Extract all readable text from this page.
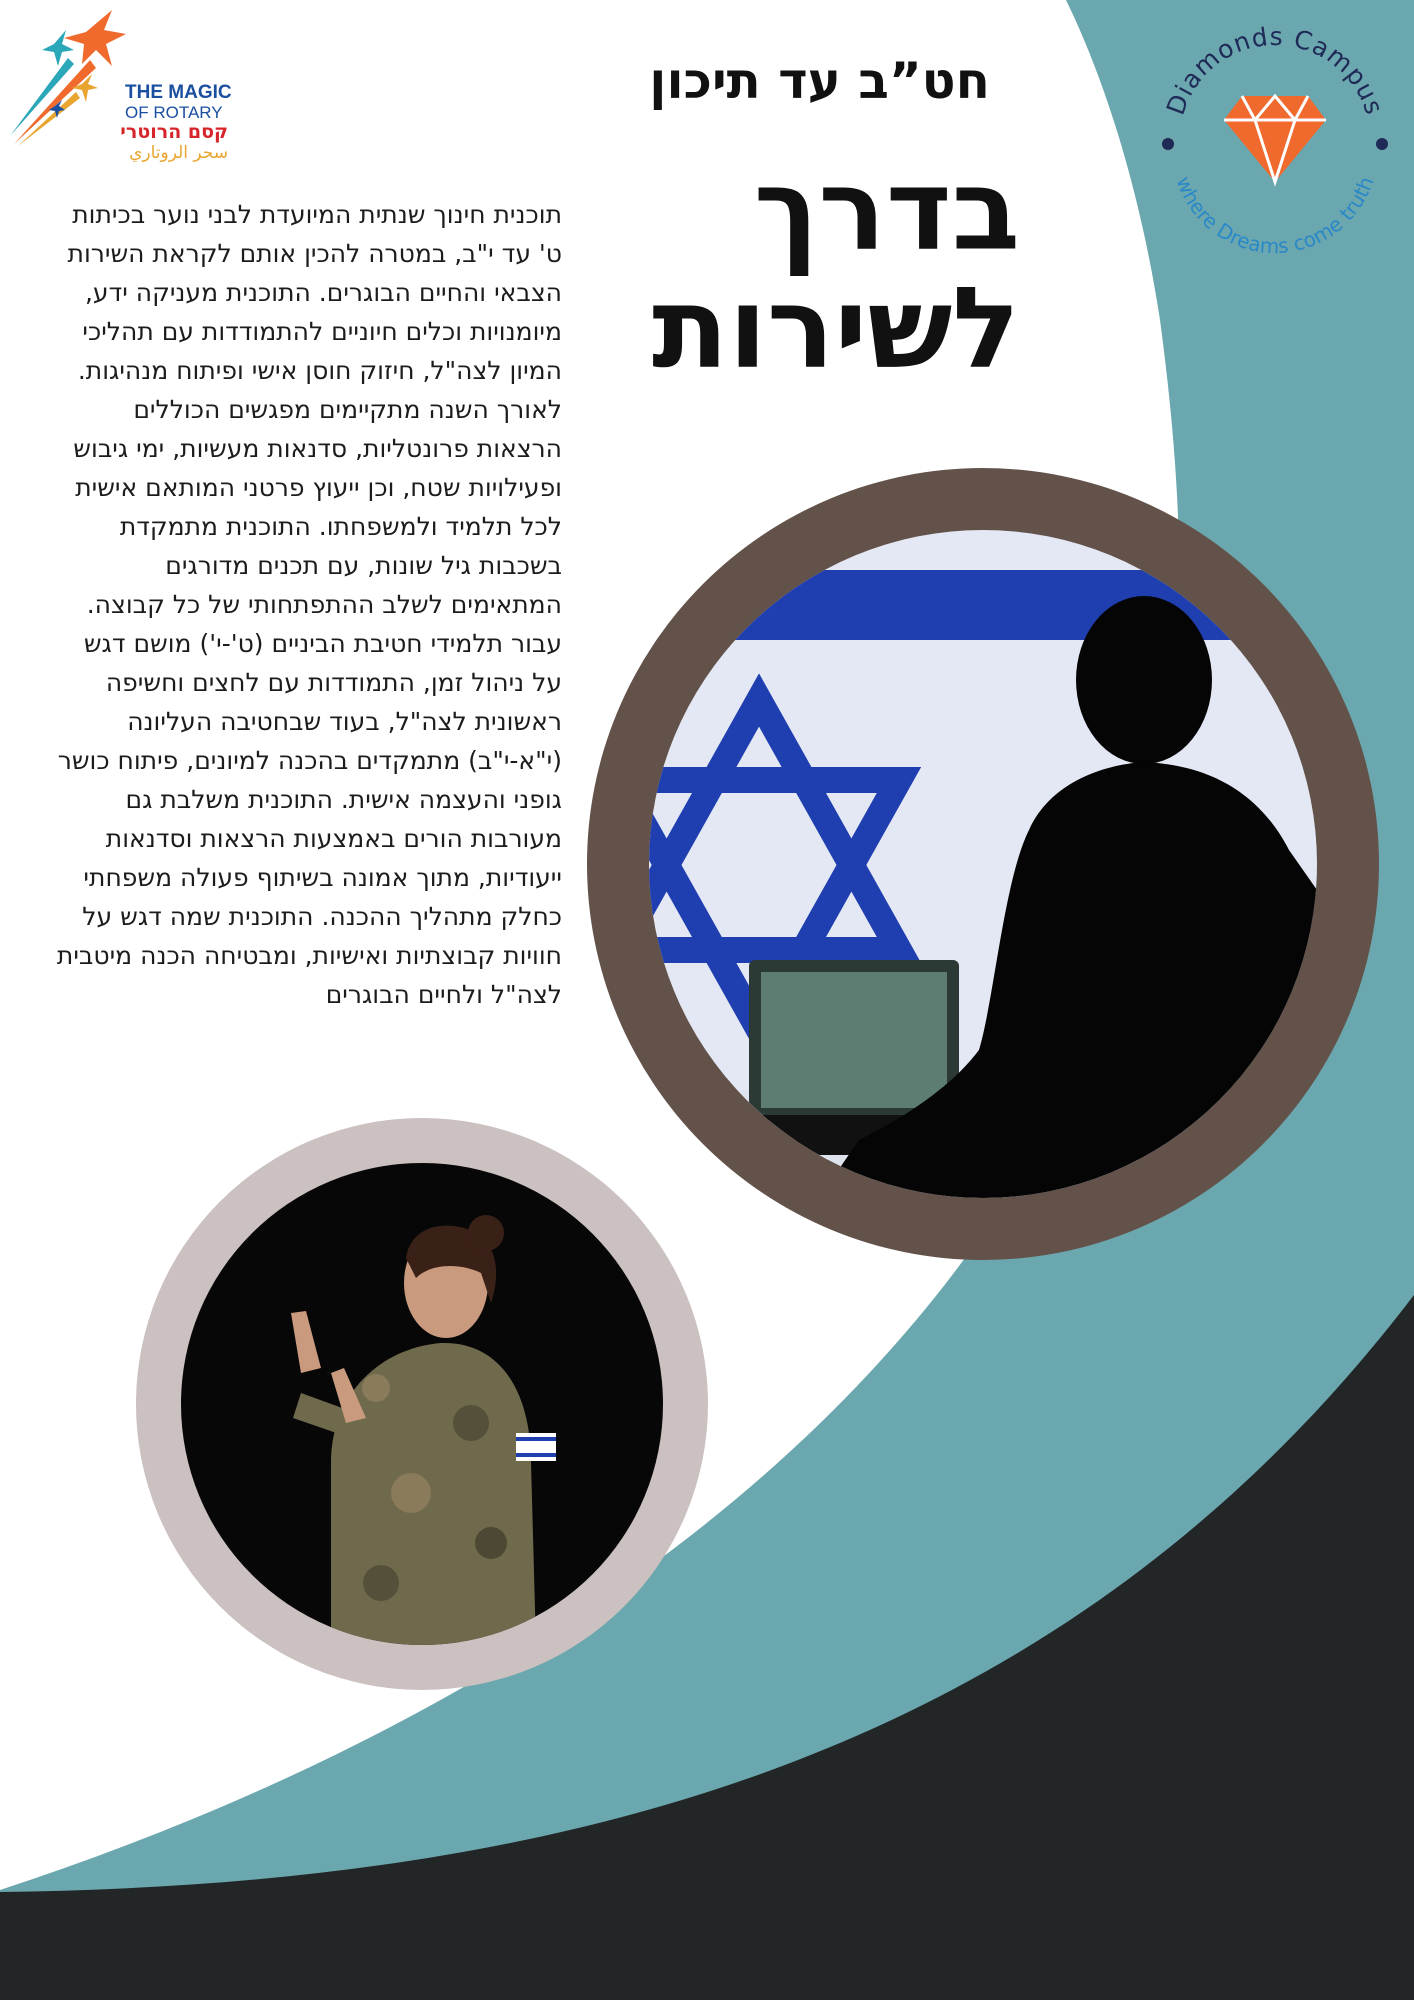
THE MAGIC
OF ROTARY
קסם הרוטרי
سحر الروتاري
Diamonds Campus
where Dreams come truth
חט”ב עד תיכון
בדרך
לשירות
תוכנית חינוך שנתית המיועדת לבני נוער בכיתות ט' עד י"ב, במטרה להכין אותם לקראת השירות הצבאי והחיים הבוגרים. התוכנית מעניקה ידע, מיומנויות וכלים חיוניים להתמודדות עם תהליכי המיון לצה"ל, חיזוק חוסן אישי ופיתוח מנהיגות. לאורך השנה מתקיימים מפגשים הכוללים הרצאות פרונטליות, סדנאות מעשיות, ימי גיבוש ופעילויות שטח, וכן ייעוץ פרטני המותאם אישית לכל תלמיד ולמשפחתו. התוכנית מתמקדת בשכבות גיל שונות, עם תכנים מדורגים המתאימים לשלב ההתפתחותי של כל קבוצה. עבור תלמידי חטיבת הביניים (ט'-י') מושם דגש על ניהול זמן, התמודדות עם לחצים וחשיפה ראשונית לצה"ל, בעוד שבחטיבה העליונה (י"א-י"ב) מתמקדים בהכנה למיונים, פיתוח כושר גופני והעצמה אישית. התוכנית משלבת גם מעורבות הורים באמצעות הרצאות וסדנאות ייעודיות, מתוך אמונה בשיתוף פעולה משפחתי כחלק מתהליך ההכנה. התוכנית שמה דגש על חוויות קבוצתיות ואישיות, ומבטיחה הכנה מיטבית לצה"ל ולחיים הבוגרים
